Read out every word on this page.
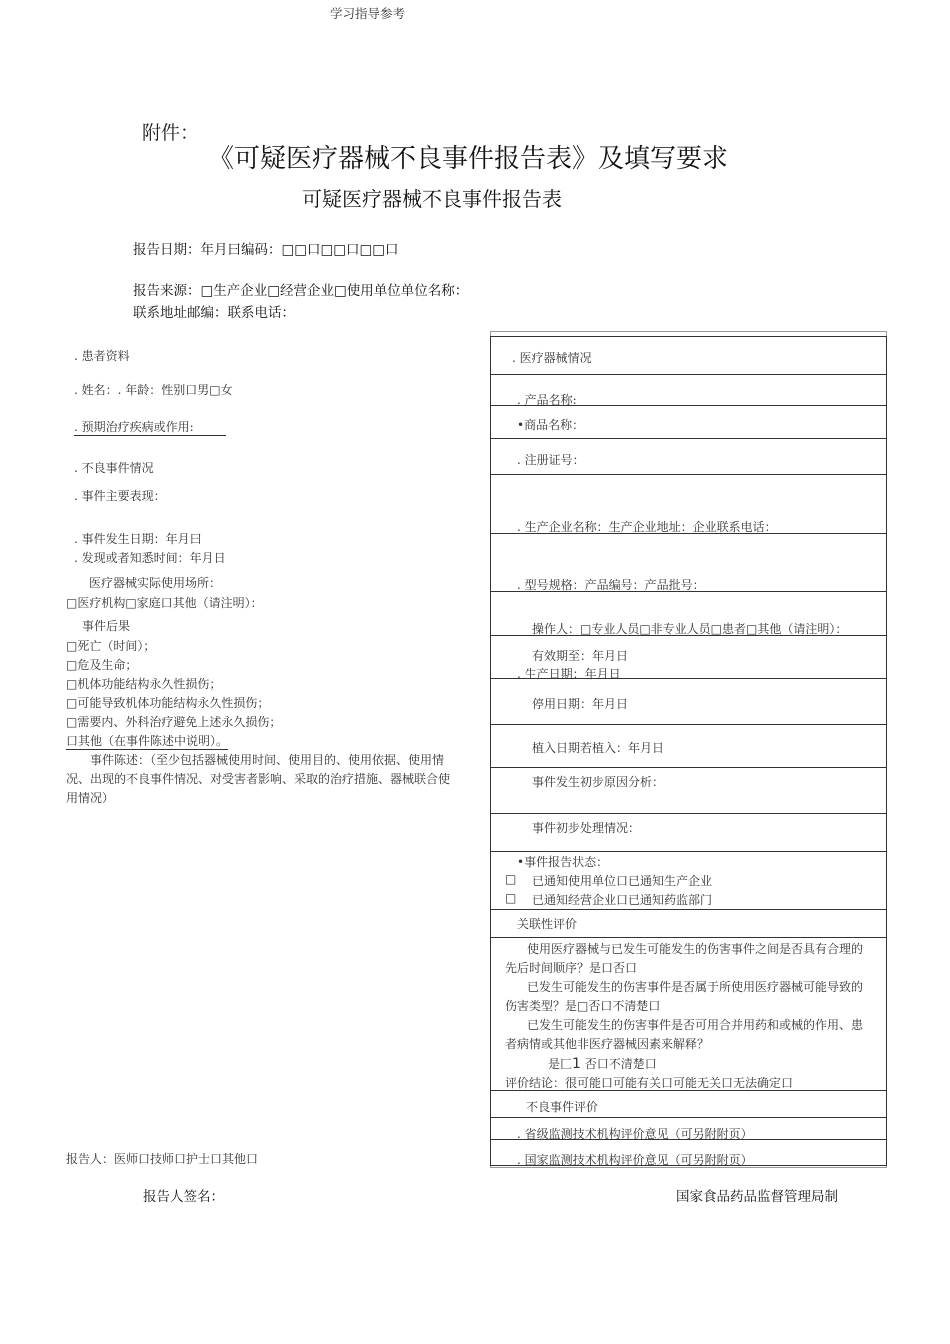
学习指导参考
附件：
《可疑医疗器械不良事件报告表》及填写要求
可疑医疗器械不良事件报告表
报告日期：年月曰编码：□□口□□口□□口
报告来源：□生产企业□经营企业□使用单位单位名称：
联系地址邮编：联系电话：
. 患者资料
. 姓名：. 年龄：性别口男□女
. 预期治疗疾病或作用:
. 不良事件情况
. 事件主要表现：
. 事件发生日期：年月曰
. 发现或者知悉时间：年月日
医疗器械实际使用场所：
□医疗机构□家庭口其他（请注明）：
事件后果
□死亡（时间）；
□危及生命；
□机体功能结构永久性损伤；
□可能导致机体功能结构永久性损伤；
□需要内、外科治疗避免上述永久损伤；
口其他（在事件陈述中说明）。
事件陈述：（至少包括器械使用时间、使用目的、使用依据、使用情况、出现的不良事件情况、对受害者影响、采取的治疗措施、器械联合使用情况）
报告人：医师口技师口护士口其他口
. 医疗器械情况
. 产品名称:
•商品名称：
. 注册证号：
. 生产企业名称：生产企业地址：企业联系电话：
. 型号规格：产品编号：产品批号：
操作人：□专业人员□非专业人员□患者□其他（请注明）：
有效期至：年月日
. 生产日期：年月日
停用日期：年月日
植入日期若植入：年月日
事件发生初步原因分析：
事件初步处理情况：
•事件报告状态：
□ 已通知使用单位口已通知生产企业
□ 已通知经营企业口已通知药监部门
关联性评价
使用医疗器械与已发生可能发生的伤害事件之间是否具有合理的先后时间顺序？是口否口
已发生可能发生的伤害事件是否属于所使用医疗器械可能导致的伤害类型？是□否口不清楚口
已发生可能发生的伤害事件是否可用合并用药和或械的作用、患者病情或其他非医疗器械因素来解释？
是匚1 否口不清楚口
评价结论：很可能口可能有关口可能无关口无法确定口
不良事件评价
. 省级监测技术机构评价意见（可另附附页）
. 国家监测技术机构评价意见（可另附附页）
报告人签名：	国家食品药品监督管理局制
